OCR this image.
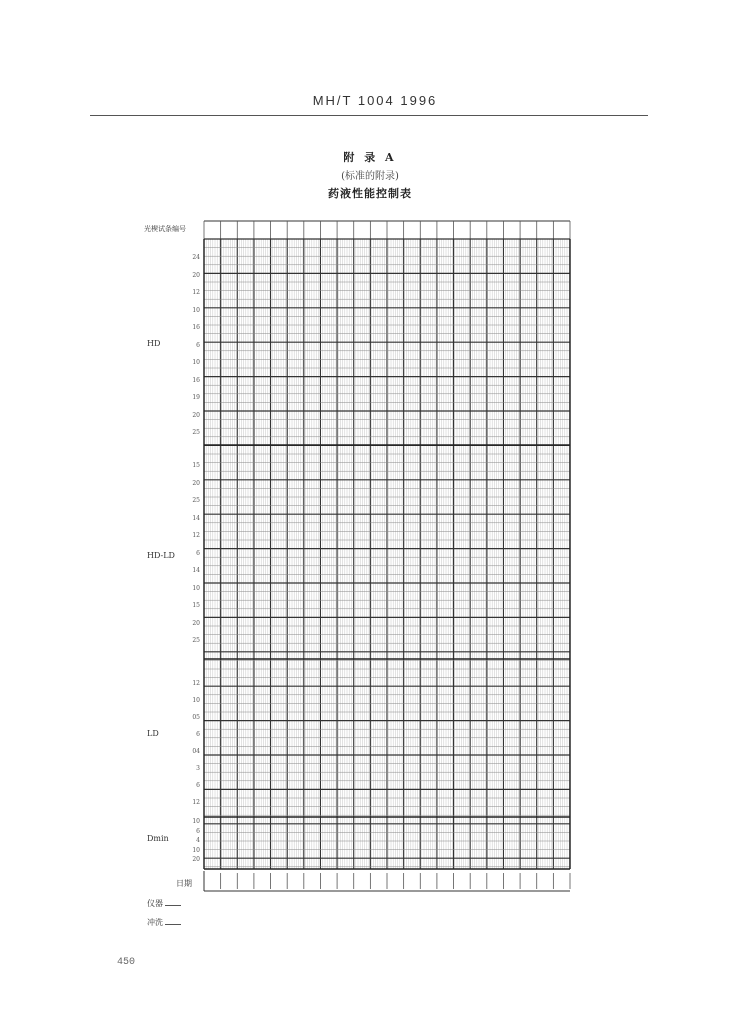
MH/T 1004 1996
附 录 A
(标准的附录)
药液性能控制表
光楔试条编号
HD
HD-LD
LD
Dmin
24
20
12
10
16
6
10
16
19
20
25
15
20
25
14
12
6
14
10
15
20
25
12
10
05
6
04
3
6
12
10
6
4
10
20
日期
仪器
冲洗
450
